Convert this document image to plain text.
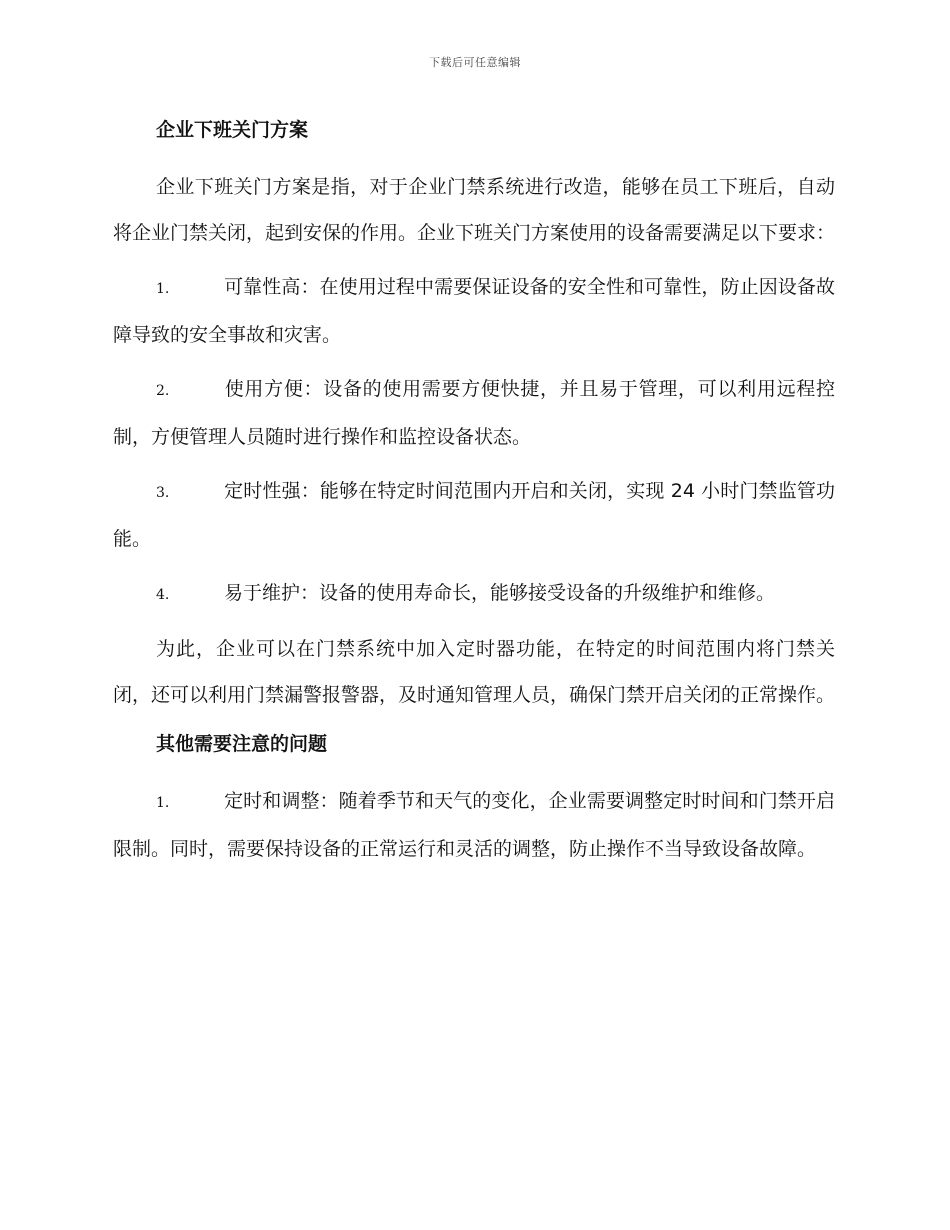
下载后可任意编辑
企业下班关门方案

企业下班关门方案是指，对于企业门禁系统进行改造，能够在员工下班后，自动将企业门禁关闭，起到安保的作用。企业下班关门方案使用的设备需要满足以下要求：

1.	可靠性高：在使用过程中需要保证设备的安全性和可靠性，防止因设备故障导致的安全事故和灾害。

2.	使用方便：设备的使用需要方便快捷，并且易于管理，可以利用远程控制，方便管理人员随时进行操作和监控设备状态。

3.	定时性强：能够在特定时间范围内开启和关闭，实现 24 小时门禁监管功能。

4.	易于维护：设备的使用寿命长，能够接受设备的升级维护和维修。

为此，企业可以在门禁系统中加入定时器功能，在特定的时间范围内将门禁关闭，还可以利用门禁漏警报警器，及时通知管理人员，确保门禁开启关闭的正常操作。

其他需要注意的问题

1.	定时和调整：随着季节和天气的变化，企业需要调整定时时间和门禁开启限制。同时，需要保持设备的正常运行和灵活的调整，防止操作不当导致设备故障。
